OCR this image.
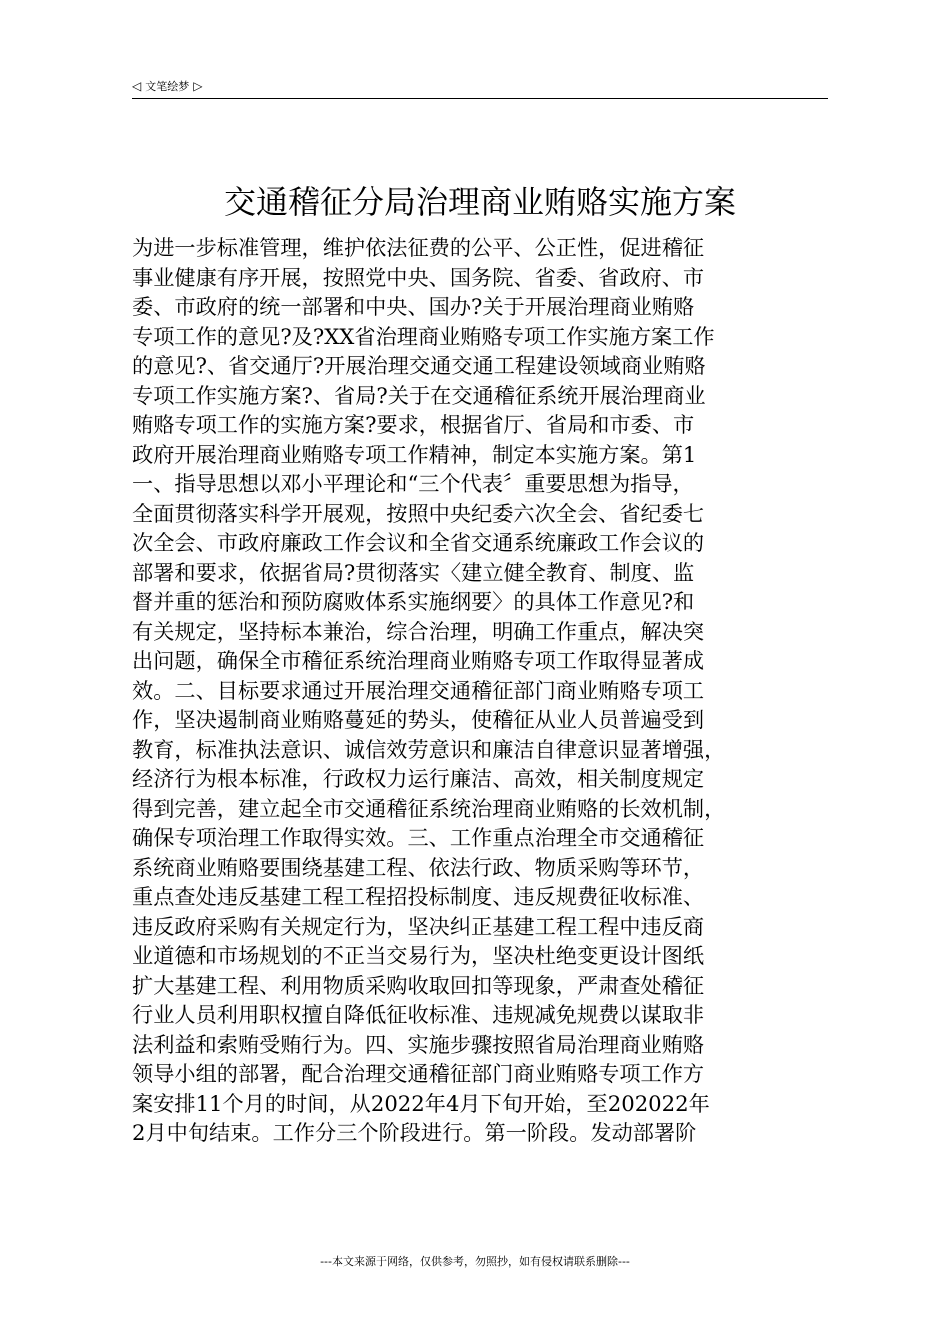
◁ 文笔绘梦 ▷
交通稽征分局治理商业贿赂实施方案
为进一步标准管理，维护依法征费的公平、公正性，促进稽征
事业健康有序开展，按照党中央、国务院、省委、省政府、市
委、市政府的统一部署和中央、国办?关于开展治理商业贿赂
专项工作的意见?及?XX省治理商业贿赂专项工作实施方案工作
的意见?、省交通厅?开展治理交通交通工程建设领域商业贿赂
专项工作实施方案?、省局?关于在交通稽征系统开展治理商业
贿赂专项工作的实施方案?要求，根据省厅、省局和市委、市
政府开展治理商业贿赂专项工作精神，制定本实施方案。第1
一、指导思想以邓小平理论和“三个代表〞重要思想为指导，
全面贯彻落实科学开展观，按照中央纪委六次全会、省纪委七
次全会、市政府廉政工作会议和全省交通系统廉政工作会议的
部署和要求，依据省局?贯彻落实〈建立健全教育、制度、监
督并重的惩治和预防腐败体系实施纲要〉的具体工作意见?和
有关规定，坚持标本兼治，综合治理，明确工作重点，解决突
出问题，确保全市稽征系统治理商业贿赂专项工作取得显著成
效。二、目标要求通过开展治理交通稽征部门商业贿赂专项工
作，坚决遏制商业贿赂蔓延的势头，使稽征从业人员普遍受到
教育，标准执法意识、诚信效劳意识和廉洁自律意识显著增强，
经济行为根本标准，行政权力运行廉洁、高效，相关制度规定
得到完善，建立起全市交通稽征系统治理商业贿赂的长效机制，
确保专项治理工作取得实效。三、工作重点治理全市交通稽征
系统商业贿赂要围绕基建工程、依法行政、物质采购等环节，
重点查处违反基建工程工程招投标制度、违反规费征收标准、
违反政府采购有关规定行为，坚决纠正基建工程工程中违反商
业道德和市场规划的不正当交易行为，坚决杜绝变更设计图纸
扩大基建工程、利用物质采购收取回扣等现象，严肃查处稽征
行业人员利用职权擅自降低征收标准、违规减免规费以谋取非
法利益和索贿受贿行为。四、实施步骤按照省局治理商业贿赂
领导小组的部署，配合治理交通稽征部门商业贿赂专项工作方
案安排11个月的时间，从2022年4月下旬开始，至202022年
2月中旬结束。工作分三个阶段进行。第一阶段。发动部署阶
---本文来源于网络，仅供参考，勿照抄，如有侵权请联系删除---
